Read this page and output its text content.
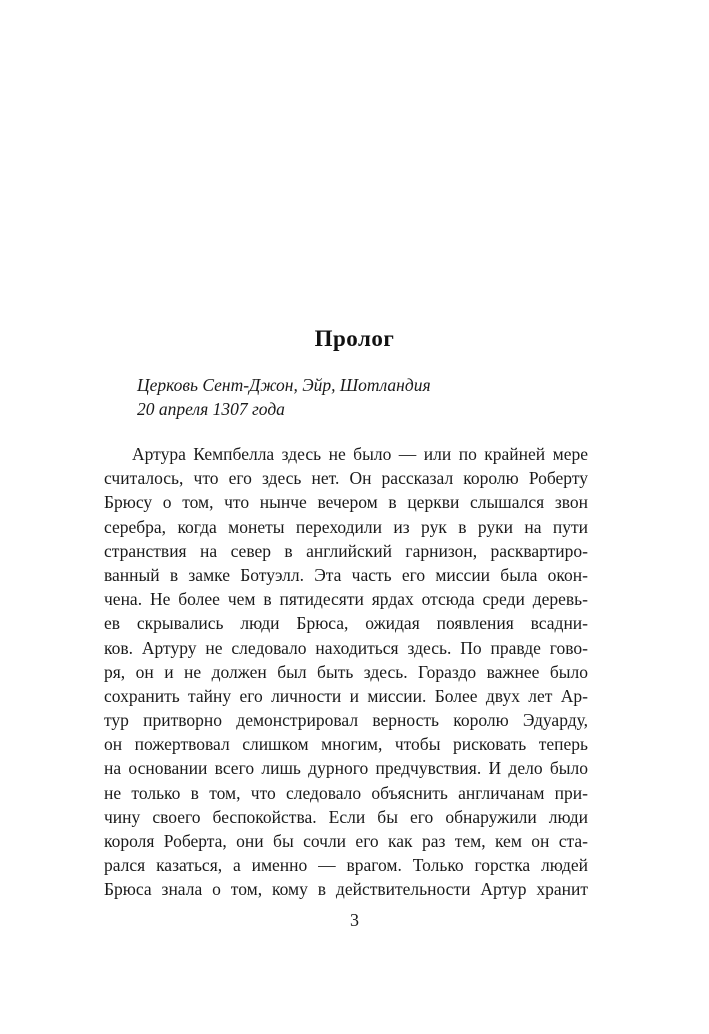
Пролог
Церковь Сент-Джон, Эйр, Шотландия
20 апреля 1307 года
Артура Кемпбелла здесь не было — или по крайней мере
считалось, что его здесь нет. Он рассказал королю Роберту
Брюсу о том, что нынче вечером в церкви слышался звон
серебра, когда монеты переходили из рук в руки на пути
странствия на север в английский гарнизон, расквартиро-
ванный в замке Ботуэлл. Эта часть его миссии была окон-
чена. Не более чем в пятидесяти ярдах отсюда среди деревь-
ев скрывались люди Брюса, ожидая появления всадни-
ков. Артуру не следовало находиться здесь. По правде гово-
ря, он и не должен был быть здесь. Гораздо важнее было
сохранить тайну его личности и миссии. Более двух лет Ар-
тур притворно демонстрировал верность королю Эдуарду,
он пожертвовал слишком многим, чтобы рисковать теперь
на основании всего лишь дурного предчувствия. И дело было
не только в том, что следовало объяснить англичанам при-
чину своего беспокойства. Если бы его обнаружили люди
короля Роберта, они бы сочли его как раз тем, кем он ста-
рался казаться, а именно — врагом. Только горстка людей
Брюса знала о том, кому в действительности Артур хранит
3
